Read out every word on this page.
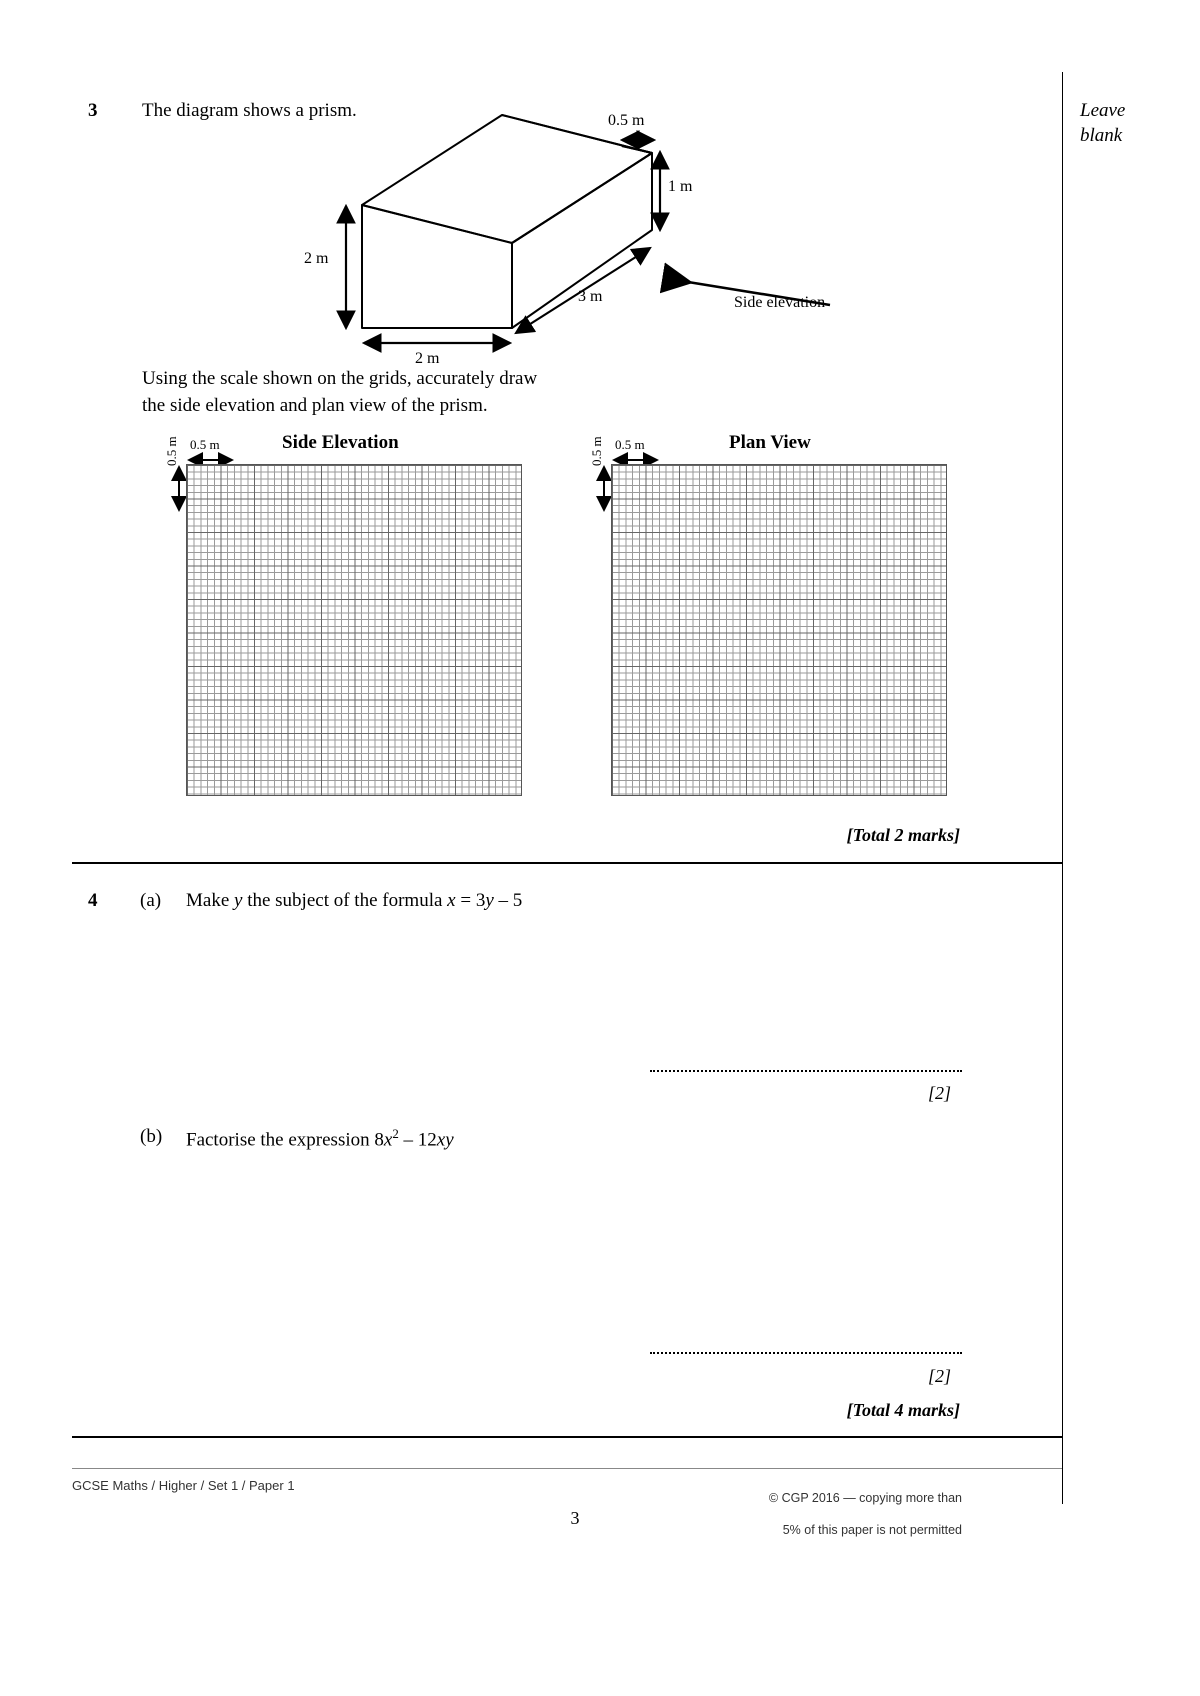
Leave
blank
3 The diagram shows a prism.
2 m
2 m
3 m
0.5 m
1 m
Side elevation
Using the scale shown on the grids, accurately draw
the side elevation and plan view of the prism.
Side Elevation
0.5 m
0.5 m	Plan View
0.5 m
0.5 m
[Total 2 marks]
4 (a) Make y the subject of the formula x = 3y – 5
[2]
(b) Factorise the expression $8x^2 - 12xy$
[2]
[Total 4 marks]
GCSE Maths / Higher / Set 1 / Paper 1
3

© CGP 2016 — copying more than

5% of this paper is not permitted
